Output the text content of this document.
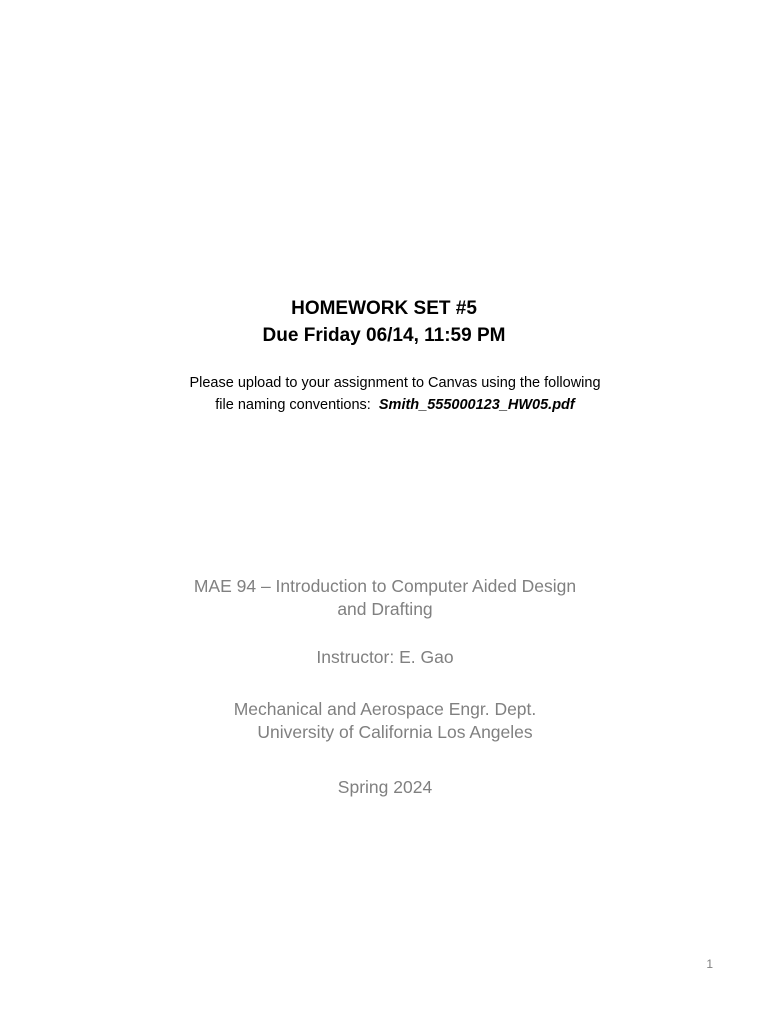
HOMEWORK SET #5
Due Friday 06/14, 11:59 PM
Please upload to your assignment to Canvas using the following
file naming conventions:  Smith_555000123_HW05.pdf
MAE 94 – Introduction to Computer Aided Design
and Drafting
Instructor: E. Gao
Mechanical and Aerospace Engr. Dept.
University of California Los Angeles
Spring 2024
1
